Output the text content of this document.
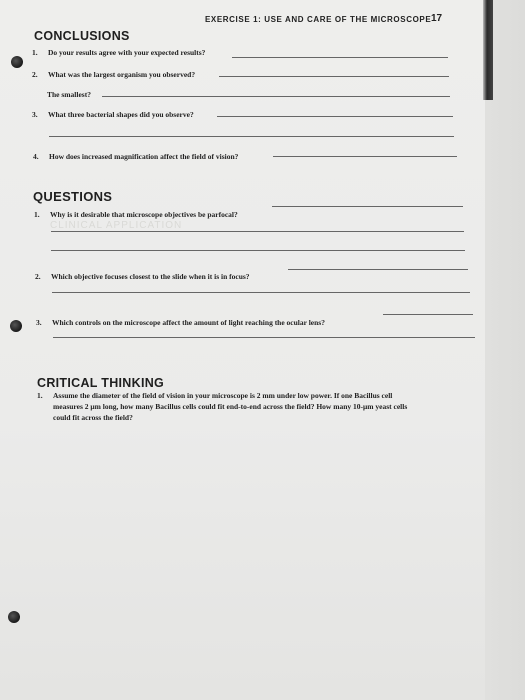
EXERCISE 1: USE AND CARE OF THE MICROSCOPE 17
CONCLUSIONS
1. Do your results agree with your expected results?
2. What was the largest organism you observed?
The smallest?
3. What three bacterial shapes did you observe?
4. How does increased magnification affect the field of vision?
QUESTIONS
CLINICAL APPLICATION
1. Why is it desirable that microscope objectives be parfocal?
2. Which objective focuses closest to the slide when it is in focus?
3. Which controls on the microscope affect the amount of light reaching the ocular lens?
CRITICAL THINKING
1. Assume the diameter of the field of vision in your microscope is 2 mm under low power. If one Bacillus cell
measures 2 μm long, how many Bacillus cells could fit end-to-end across the field? How many 10-μm yeast cells
could fit across the field?
